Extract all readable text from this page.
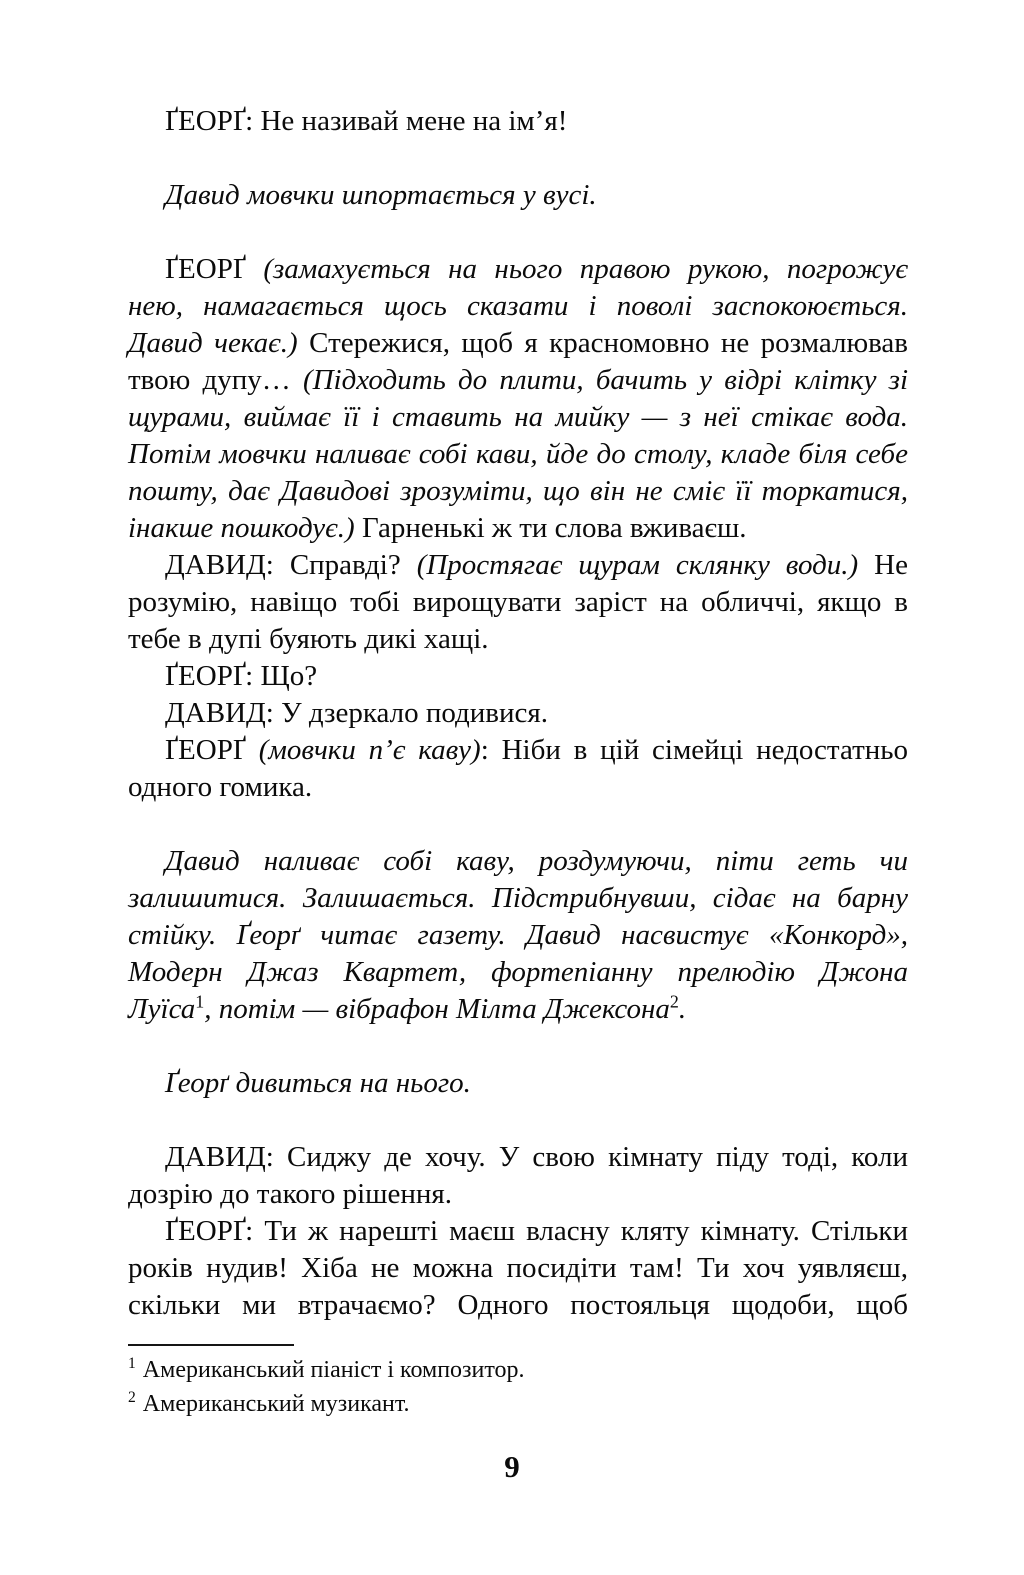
ҐЕОРҐ: Не називай мене на ім’я!

Давид мовчки шпортається у вусі.

ҐЕОРҐ (замахується на нього правою рукою, погрожує нею, намагається щось сказати і поволі заспокоюється. Давид чекає.) Стережися, щоб я красномовно не розмалював твою дупу… (Підходить до плити, бачить у відрі клітку зі щурами, виймає її і ставить на мийку — з неї стікає вода. Потім мовчки наливає собі кави, йде до столу, кладе біля себе пошту, дає Давидові зрозуміти, що він не сміє її торкатися, інакше пошкодує.) Гарненькі ж ти слова вживаєш.

ДАВИД: Справді? (Простягає щурам склянку води.) Не розумію, навіщо тобі вирощувати заріст на обличчі, якщо в тебе в дупі буяють дикі хащі.

ҐЕОРҐ: Що?

ДАВИД: У дзеркало подивися.

ҐЕОРҐ (мовчки п’є каву): Ніби в цій сімейці недостатньо одного гомика.

Давид наливає собі каву, роздумуючи, піти геть чи залишитися. Залишається. Підстрибнувши, сідає на барну стійку. Ґеорґ читає газету. Давид насвистує «Конкорд», Модерн Джаз Квартет, фортепіанну прелюдію Джона Луїса$^1$, потім — вібрафон Мілта Джексона$^2$.

Ґеорґ дивиться на нього.

ДАВИД: Сиджу де хочу. У свою кімнату піду тоді, коли дозрію до такого рішення.

ҐЕОРҐ: Ти ж нарешті маєш власну кляту кімнату. Стільки років нудив! Хіба не можна посидіти там! Ти хоч уявляєш, скільки ми втрачаємо? Одного постояльця щодоби, щоб

$^1$ Американський піаніст і композитор.

$^2$ Американський музикант.

9
